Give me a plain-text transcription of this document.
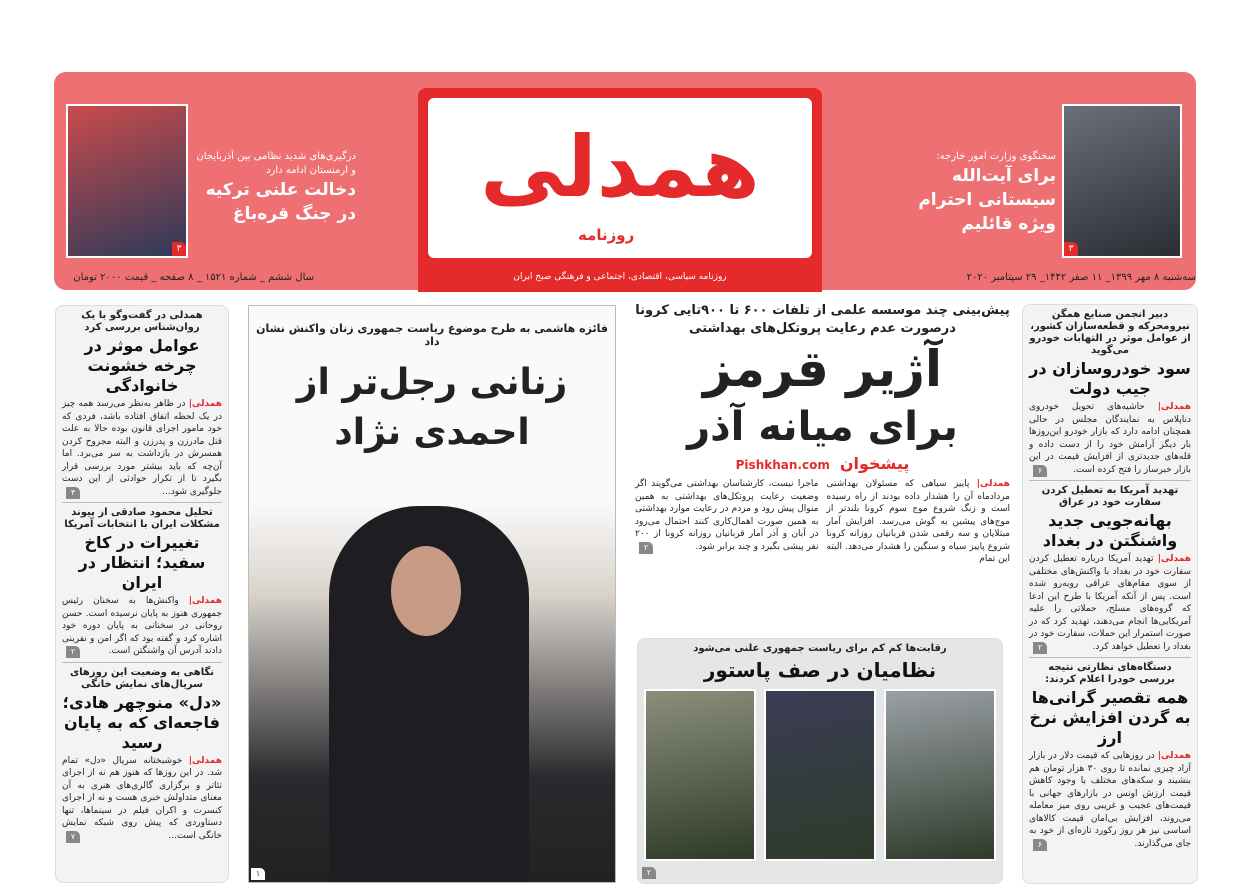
همدلی
روزنامه
روزنامه سیاسی، اقتصادی، اجتماعی و فرهنگی صبح ایران
۳
سخنگوی وزارت امور خارجه:
برای آیت‌الله سیستانی احترام ویژه قائلیم
۳
درگیری‌های شدید نظامی بین آذربایجان و ارمنستان ادامه دارد
دخالت علنی ترکیه در جنگ قره‌باغ
سه‌شنبه ۸ مهر ۱۳۹۹_ ۱۱ صفر ۱۴۴۲_ ۲۹ سپتامبر ۲۰۲۰
سال ششم _ شماره ۱۵۲۱ _ ۸ صفحه _ قیمت ۲۰۰۰ تومان
دبیر انجمن صنایع همگن نیرومحرکه و قطعه‌سازان کشور، از عوامل موثر در التهابات خودرو می‌گوید
سود خودروسازان در جیب دولت
همدلی| حاشیه‌های تحویل خودروی دناپلاس به نمایندگان مجلس در حالی همچنان ادامه دارد که بازار خودرو این‌روزها بار دیگر آرامش خود را از دست داده و قله‌های جدیدتری از افزایش قیمت در این بازار خبرساز را فتح کرده است.
۶
تهدید آمریکا به تعطیل کردن سفارت خود در عراق
بهانه‌جویی جدید واشنگتن در بغداد
همدلی| تهدید آمریکا درباره تعطیل کردن سفارت خود در بغداد با واکنش‌های مختلفی از سوی مقام‌های عراقی روبه‌رو شده است. پس از آنکه آمریکا با طرح این ادعا که گروه‌های مسلح، حملاتی را علیه آمریکایی‌ها انجام می‌دهند، تهدید کرد که در صورت استمرار این حملات، سفارت خود در بغداد را تعطیل خواهد کرد.
۲
دستگاه‌های نظارتی نتیجه بررسی خودرا اعلام کردند:
همه تقصیر گرانی‌ها به گردن افزایش نرخ ارز
همدلی| در روزهایی که قیمت دلار در بازار آزاد چیزی نمانده تا روی ۳۰ هزار تومان هم بنشیند و سکه‌های مختلف با وجود کاهش قیمت ارزش اونس در بازارهای جهانی با قیمت‌های عجیب و غریبی روی میز معامله می‌روند، افزایش بی‌امان قیمت کالاهای اساسی نیز هر روز رکورد تازه‌ای از خود به جای می‌گذارند.
۶
پیش‌بینی چند موسسه علمی از تلفات ۶۰۰ تا ۹۰۰تایی کرونا
درصورت عدم رعایت پروتکل‌های بهداشتی
آژیر قرمز
برای میانه آذر
پیشخوان
Pishkhan.com
همدلی| پاییز سیاهی که مسئولان بهداشتی مردادماه آن را هشدار داده بودند از راه رسیده است و زنگ شروع موج سوم کرونا بلندتر از موج‌های پیشین به گوش می‌رسد. افزایش آمار مبتلایان و سه رقمی شدن قربانیان روزانه کرونا شروع پاییز سیاه و سنگین را هشدار می‌دهد. البته این تمام
ماجرا نیست، کارشناسان بهداشتی می‌گویند اگر وضعیت رعایت پروتکل‌های بهداشتی به همین منوال پیش رود و مردم در رعایت موارد بهداشتی به همین صورت اهمال‌کاری کنند احتمال می‌رود در آبان و آذر آمار قربانیان روزانه کرونا از ۲۰۰ نفر پیشی بگیرد و چند برابر شود.
۲
رقابت‌ها کم کم برای ریاست جمهوری علنی می‌شود
نظامیان در صف پاستور
۲
فائزه هاشمی به طرح موضوع ریاست جمهوری زنان واکنش نشان داد
زنانی رجل‌تر از احمدی نژاد
۱
همدلی در گفت‌وگو با یک روان‌شناس بررسی کرد
عوامل موثر در چرخه خشونت خانوادگی
همدلی| در ظاهر به‌نظر می‌رسد همه چیز در یک لحظه اتفاق افتاده باشد، فردی که خود مامور اجرای قانون بوده حالا به علت قتل مادرزن و پدرزن و البته مجروح کردن همسرش در بازداشت به سر می‌برد. اما آن‌چه که باید بیشتر مورد بررسی قرار بگیرد تا از تکرار حوادثی از این دست جلوگیری شود...
۴
تحلیل محمود صادقی از پیوند مشکلات ایران با انتخابات آمریکا
تغییرات در کاخ سفید؛ انتظار در ایران
همدلی| واکنش‌ها به سخنان رئیس جمهوری هنوز به پایان نرسیده است. حسن روحانی در سخنانی به پایان دوره خود اشاره کرد و گفته بود که اگر امن و نفرینی دادند آدرس آن واشنگتن است.
۲
نگاهی به وضعیت این روزهای سریال‌های نمایش خانگی
«دل» منوچهر هادی؛ فاجعه‌ای که به پایان رسید
همدلی| خوشبختانه سریال «دل» تمام شد. در این روزها که هنوز هم نه از اجرای تئاتر و برگزاری گالری‌های هنری به آن معنای متداولش خبری هست و نه از اجرای کنسرت و اکران فیلم در سینماها، تنها دستاوردی که پیش روی شبکه نمایش خانگی است...
۷
